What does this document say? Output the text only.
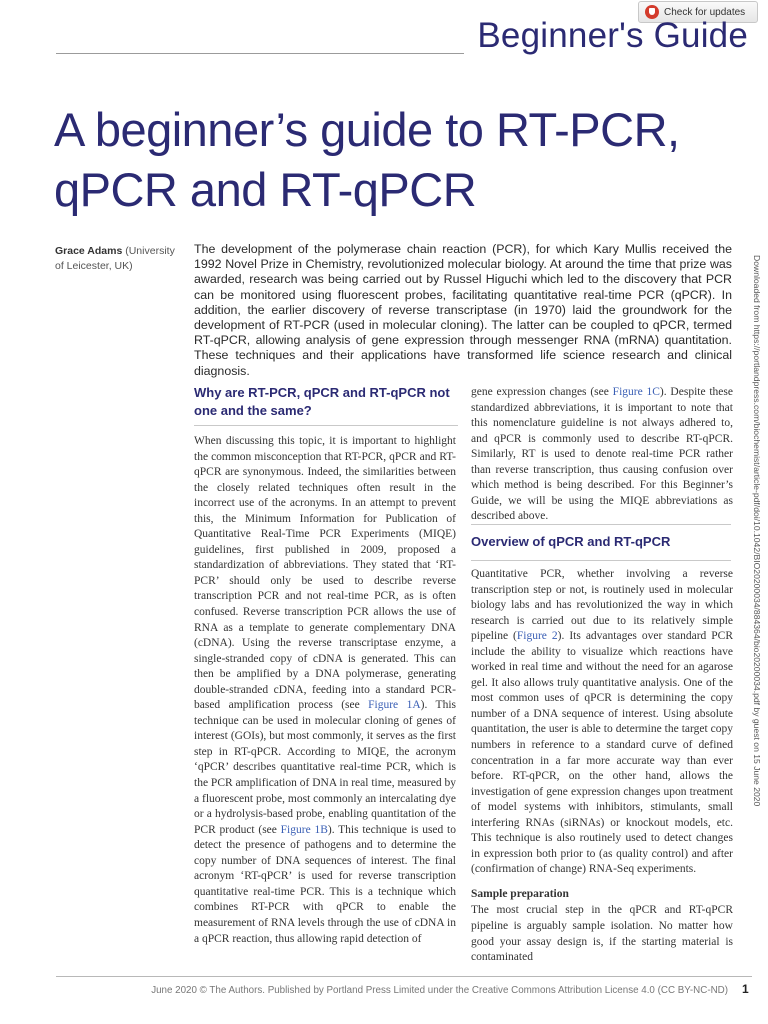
Check for updates
Beginner's Guide
A beginner’s guide to RT-PCR,
qPCR and RT-qPCR
Grace Adams (University of Leicester, UK)
The development of the polymerase chain reaction (PCR), for which Kary Mullis received the 1992 Novel Prize in Chemistry, revolutionized molecular biology. At around the time that prize was awarded, research was being carried out by Russel Higuchi which led to the discovery that PCR can be monitored using fluorescent probes, facilitating quantitative real-time PCR (qPCR). In addition, the earlier discovery of reverse transcriptase (in 1970) laid the groundwork for the development of RT-PCR (used in molecular cloning). The latter can be coupled to qPCR, termed RT-qPCR, allowing analysis of gene expression through messenger RNA (mRNA) quantitation. These techniques and their applications have transformed life science research and clinical diagnosis.
Why are RT-PCR, qPCR and RT-qPCR not one and the same?

When discussing this topic, it is important to highlight the common misconception that RT-PCR, qPCR and RT-qPCR are synonymous. Indeed, the similarities between the closely related techniques often result in the incorrect use of the acronyms. In an attempt to prevent this, the Minimum Information for Publication of Quantitative Real-Time PCR Experiments (MIQE) guidelines, first published in 2009, proposed a standardization of abbreviations. They stated that ‘RT-PCR’ should only be used to describe reverse transcription PCR and not real-time PCR, as is often confused. Reverse transcription PCR allows the use of RNA as a template to generate complementary DNA (cDNA). Using the reverse transcriptase enzyme, a single-stranded copy of cDNA is generated. This can then be amplified by a DNA polymerase, generating double-stranded cDNA, feeding into a standard PCR-based amplification process (see Figure 1A). This technique can be used in molecular cloning of genes of interest (GOIs), but most commonly, it serves as the first step in RT-qPCR. According to MIQE, the acronym ‘qPCR’ describes quantitative real-time PCR, which is the PCR amplification of DNA in real time, measured by a fluorescent probe, most commonly an intercalating dye or a hydrolysis-based probe, enabling quantitation of the PCR product (see Figure 1B). This technique is used to detect the presence of pathogens and to determine the copy number of DNA sequences of interest. The final acronym ‘RT-qPCR’ is used for reverse transcription quantitative real-time PCR. This is a technique which combines RT-PCR with qPCR to enable the measurement of RNA levels through the use of cDNA in a qPCR reaction, thus allowing rapid detection of

gene expression changes (see Figure 1C). Despite these standardized abbreviations, it is important to note that this nomenclature guideline is not always adhered to, and qPCR is commonly used to describe RT-qPCR. Similarly, RT is used to denote real-time PCR rather than reverse transcription, thus causing confusion over which method is being described. For this Beginner’s Guide, we will be using the MIQE abbreviations as described above.

Overview of qPCR and RT-qPCR

Quantitative PCR, whether involving a reverse transcription step or not, is routinely used in molecular biology labs and has revolutionized the way in which research is carried out due to its relatively simple pipeline (Figure 2). Its advantages over standard PCR include the ability to visualize which reactions have worked in real time and without the need for an agarose gel. It also allows truly quantitative analysis. One of the most common uses of qPCR is determining the copy number of a DNA sequence of interest. Using absolute quantitation, the user is able to determine the target copy numbers in reference to a standard curve of defined concentration in a far more accurate way than ever before. RT-qPCR, on the other hand, allows the investigation of gene expression changes upon treatment of model systems with inhibitors, stimulants, small interfering RNAs (siRNAs) or knockout models, etc. This technique is also routinely used to detect changes in expression both prior to (as quality control) and after (confirmation of change) RNA-Seq experiments.

Sample preparation

The most crucial step in the qPCR and RT-qPCR pipeline is arguably sample isolation. No matter how good your assay design is, if the starting material is contaminated

Downloaded from https://portlandpress.com/biochemist/article-pdf/doi/10.1042/BIO20200034/884364/bio20200034.pdf by guest on 15 June 2020
June 2020 © The Authors. Published by Portland Press Limited under the Creative Commons Attribution License 4.0 (CC BY-NC-ND) 1
